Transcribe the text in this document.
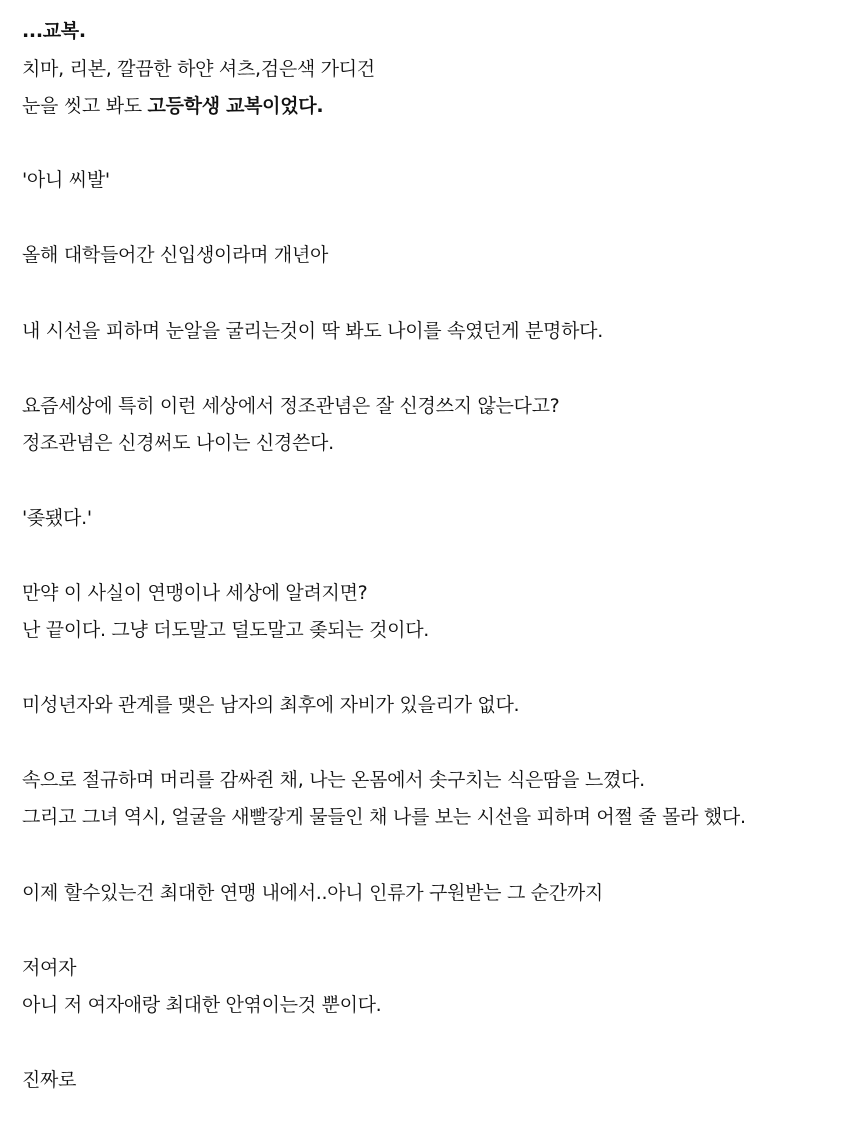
...교복.
치마, 리본, 깔끔한 하얀 셔츠,검은색 가디건
눈을 씻고 봐도 고등학생 교복이었다.
'아니 씨발'
올해 대학들어간 신입생이라며 개년아
내 시선을 피하며 눈알을 굴리는것이 딱 봐도 나이를 속였던게 분명하다.
요즘세상에 특히 이런 세상에서 정조관념은 잘 신경쓰지 않는다고?
정조관념은 신경써도 나이는 신경쓴다.
'좆됐다.'
만약 이 사실이 연맹이나 세상에 알려지면?
난 끝이다. 그냥 더도말고 덜도말고 좆되는 것이다.
미성년자와 관계를 맺은 남자의 최후에 자비가 있을리가 없다.
속으로 절규하며 머리를 감싸쥔 채, 나는 온몸에서 솟구치는 식은땀을 느꼈다.
그리고 그녀 역시, 얼굴을 새빨갛게 물들인 채 나를 보는 시선을 피하며 어쩔 줄 몰라 했다.
이제 할수있는건 최대한 연맹 내에서..아니 인류가 구원받는 그 순간까지
저여자
아니 저 여자애랑 최대한 안엮이는것 뿐이다.
진짜로
